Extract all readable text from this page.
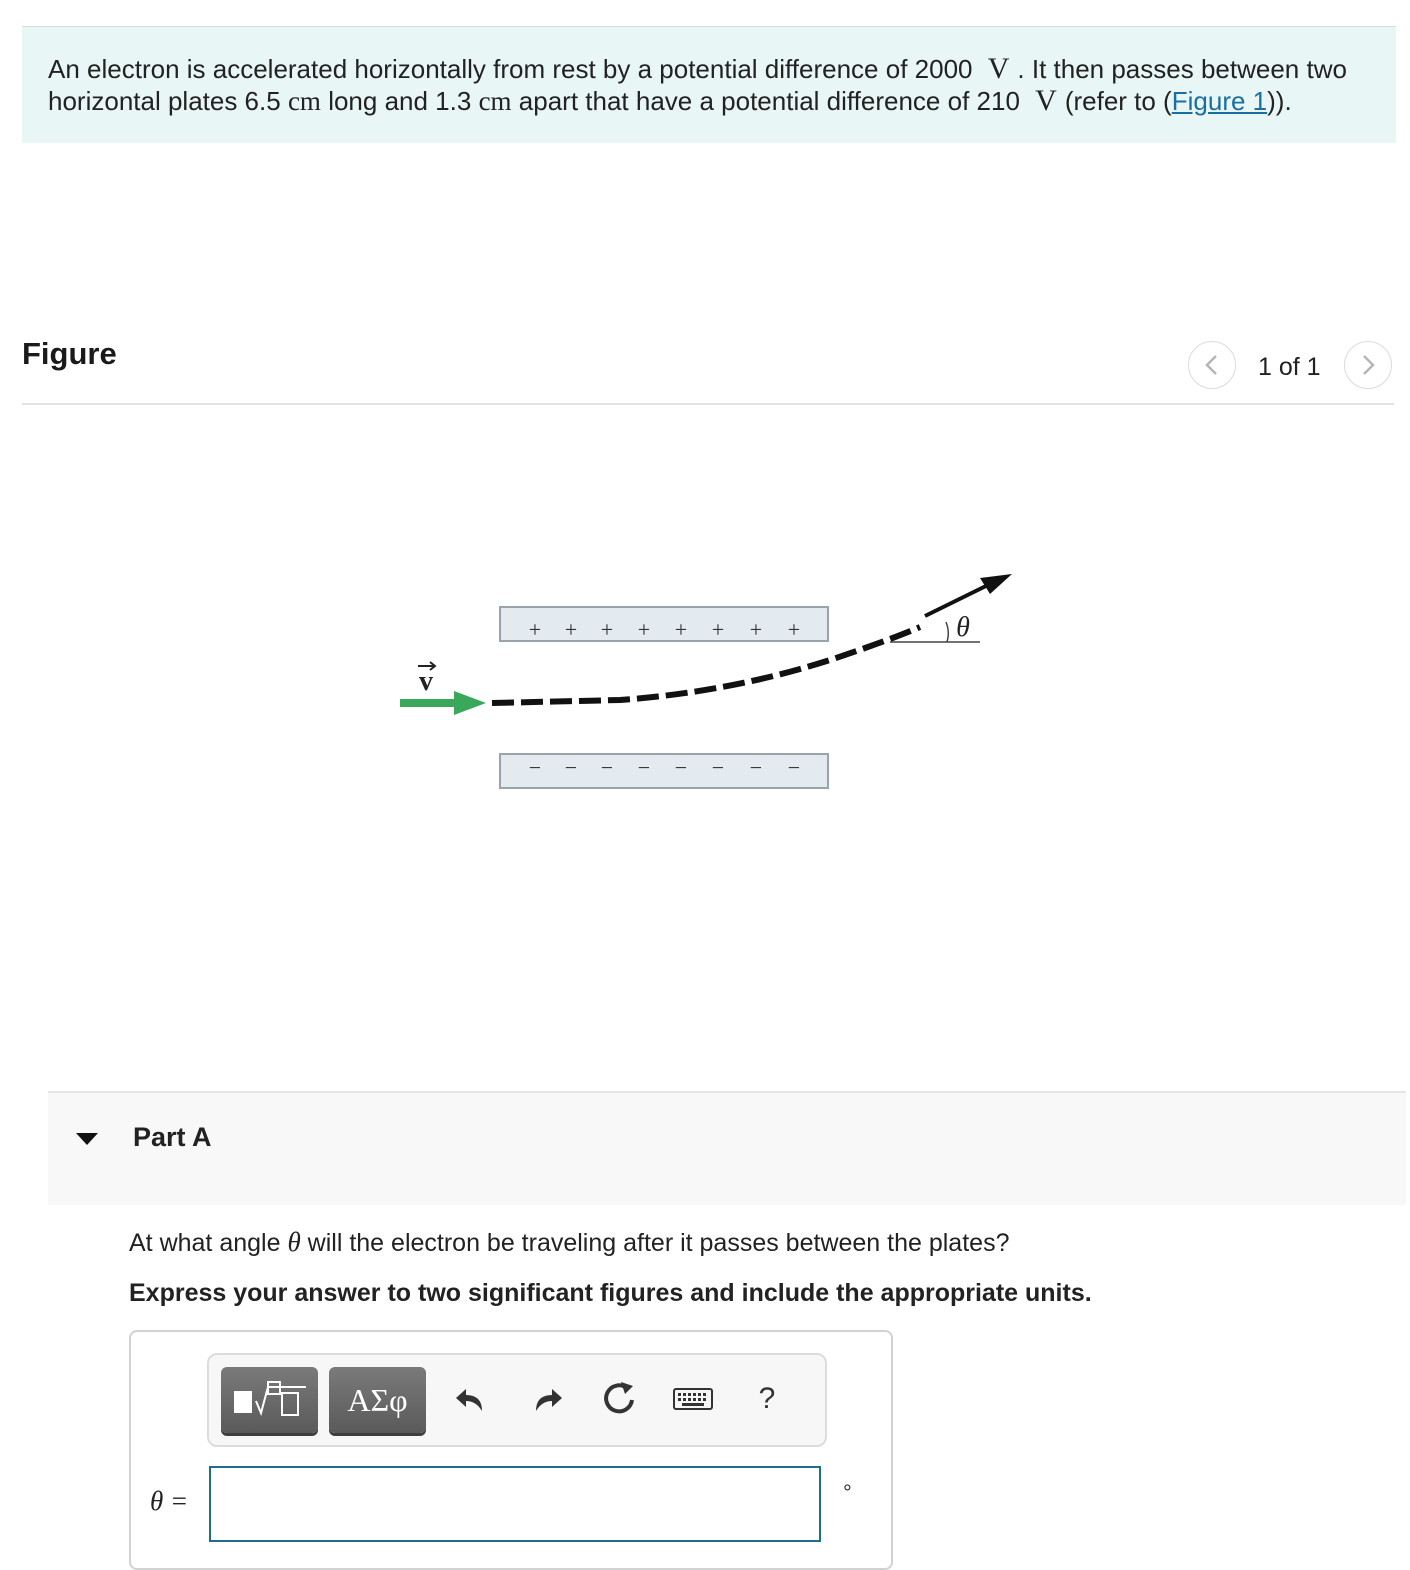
An electron is accelerated horizontally from rest by a potential difference of 2000 V . It then passes between two horizontal plates 6.5 cm long and 1.3 cm apart that have a potential difference of 210 V (refer to (Figure 1)).
Figure	1 of 1
+ + + + + + + +
− − − − − − − −
v
θ
Part A
At what angle θ will the electron be traveling after it passes between the plates?
Express your answer to two significant figures and include the appropriate units.
ΑΣφ	?
θ =	°
